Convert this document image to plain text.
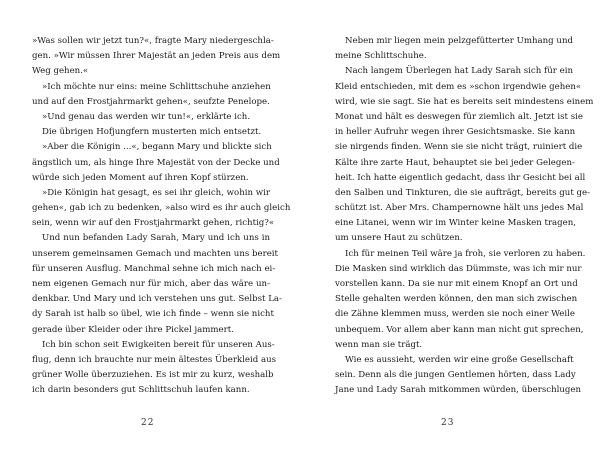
»Was sollen wir jetzt tun?«, fragte Mary niedergeschla-
gen. »Wir müssen Ihrer Majestät an jeden Preis aus dem
Weg gehen.«
»Ich möchte nur eins: meine Schlittschuhe anziehen
und auf den Frostjahrmarkt gehen«, seufzte Penelope.
»Und genau das werden wir tun!«, erklärte ich.
Die übrigen Hofjungfern musterten mich entsetzt.
»Aber die Königin ...«, begann Mary und blickte sich
ängstlich um, als hinge Ihre Majestät von der Decke und
würde sich jeden Moment auf ihren Kopf stürzen.
»Die Königin hat gesagt, es sei ihr gleich, wohin wir
gehen«, gab ich zu bedenken, »also wird es ihr auch gleich
sein, wenn wir auf den Frostjahrmarkt gehen, richtig?«
Und nun befanden Lady Sarah, Mary und ich uns in
unserem gemeinsamen Gemach und machten uns bereit
für unseren Ausflug. Manchmal sehne ich mich nach ei-
nem eigenen Gemach nur für mich, aber das wäre un-
denkbar. Und Mary und ich verstehen uns gut. Selbst La-
dy Sarah ist halb so übel, wie ich finde – wenn sie nicht
gerade über Kleider oder ihre Pickel jammert.
Ich bin schon seit Ewigkeiten bereit für unseren Aus-
flug, denn ich brauchte nur mein ältestes Überkleid aus
grüner Wolle überzuziehen. Es ist mir zu kurz, weshalb
ich darin besonders gut Schlittschuh laufen kann.
22
Neben mir liegen mein pelzgefütterter Umhang und
meine Schlittschuhe.
Nach langem Überlegen hat Lady Sarah sich für ein
Kleid entschieden, mit dem es »schon irgendwie gehen«
wird, wie sie sagt. Sie hat es bereits seit mindestens einem
Monat und hält es deswegen für ziemlich alt. Jetzt ist sie
in heller Aufruhr wegen ihrer Gesichtsmaske. Sie kann
sie nirgends finden. Wenn sie sie nicht trägt, ruiniert die
Kälte ihre zarte Haut, behauptet sie bei jeder Gelegen-
heit. Ich hatte eigentlich gedacht, dass ihr Gesicht bei all
den Salben und Tinkturen, die sie aufträgt, bereits gut ge-
schützt ist. Aber Mrs. Champernowne hält uns jedes Mal
eine Litanei, wenn wir im Winter keine Masken tragen,
um unsere Haut zu schützen.
Ich für meinen Teil wäre ja froh, sie verloren zu haben.
Die Masken sind wirklich das Dümmste, was ich mir nur
vorstellen kann. Da sie nur mit einem Knopf an Ort und
Stelle gehalten werden können, den man sich zwischen
die Zähne klemmen muss, werden sie noch einer Weile
unbequem. Vor allem aber kann man nicht gut sprechen,
wenn man sie trägt.
Wie es aussieht, werden wir eine große Gesellschaft
sein. Denn als die jungen Gentlemen hörten, dass Lady
Jane und Lady Sarah mitkommen würden, überschlugen
23
